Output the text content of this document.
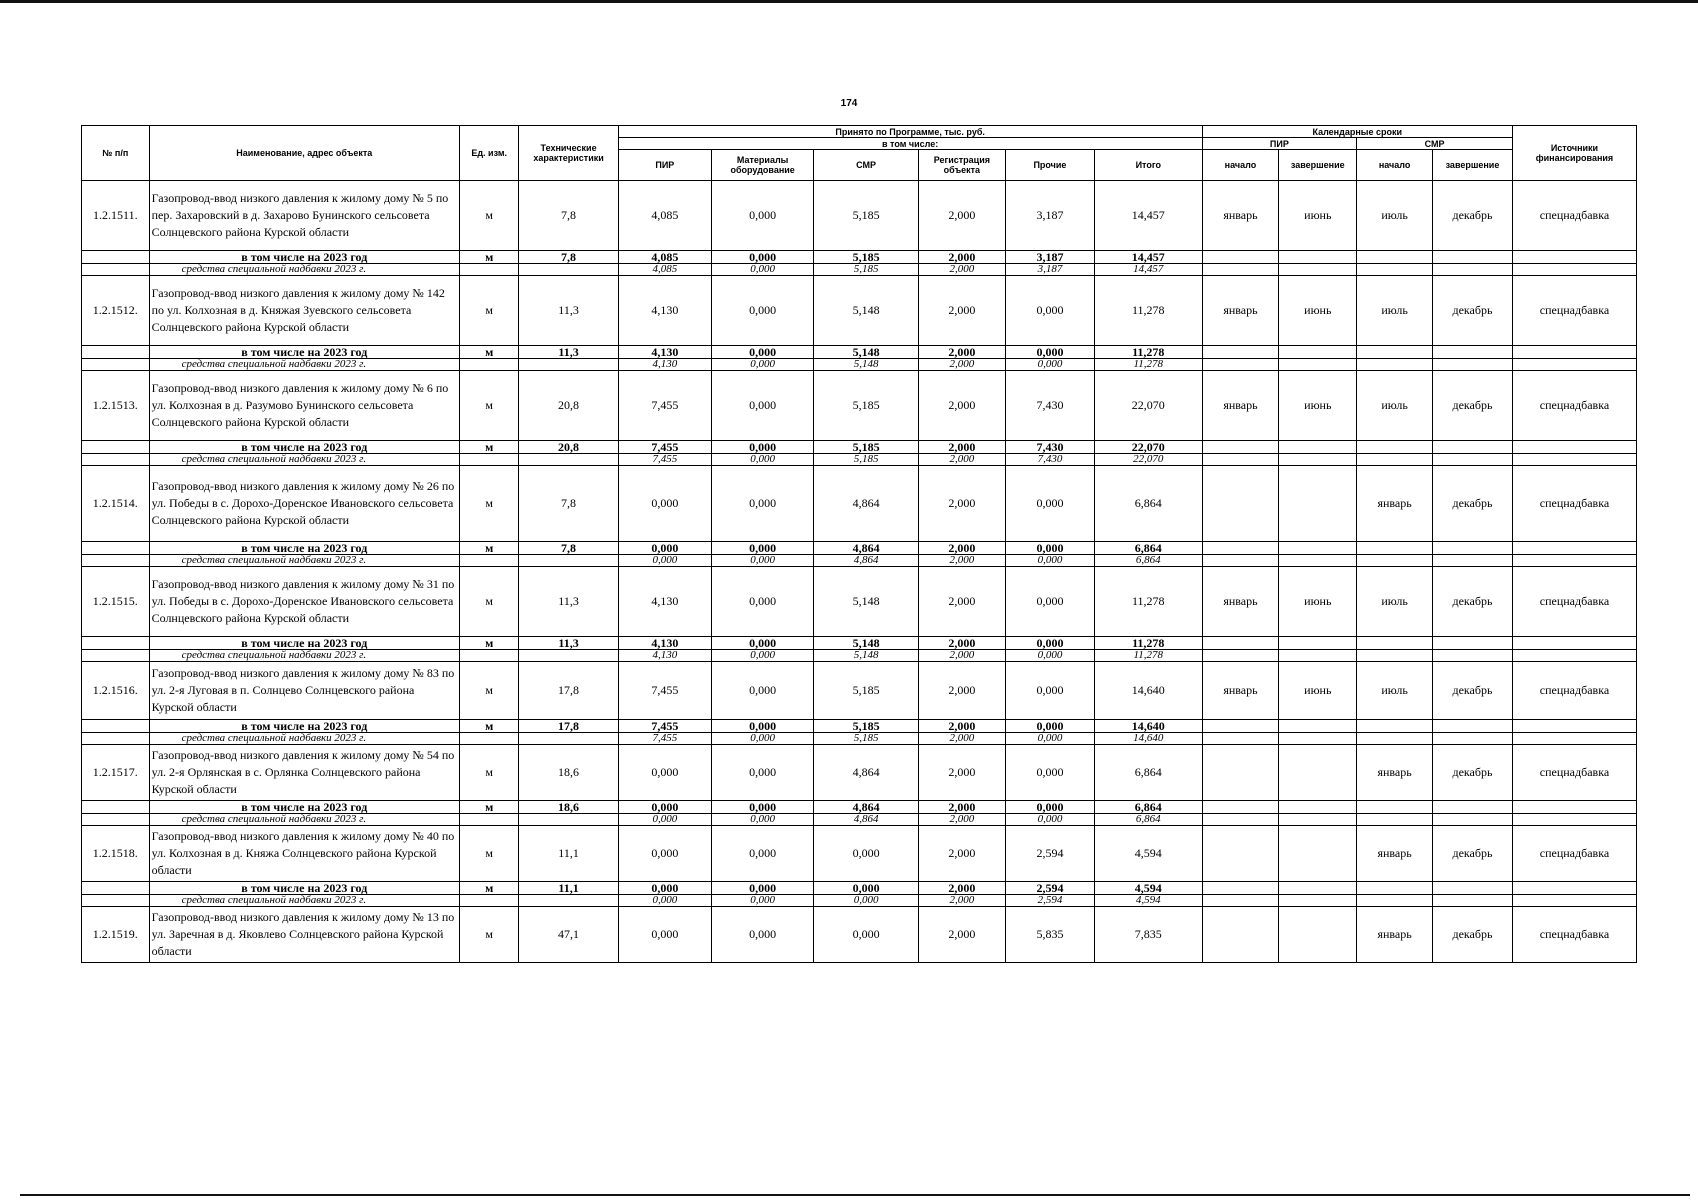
174
№ п/п	Наименование, адрес объекта	Ед. изм.	Технические характеристики	Принято по Программе, тыс. руб.						Календарные сроки				Источники финансирования
				в том числе:						ПИР		СМР		
				ПИР	Материалы оборудование	СМР	Регистрация объекта	Прочие	Итого	начало	завершение	начало	завершение	
1.2.1511.	Газопровод-ввод низкого давления к жилому дому № 5 по пер. Захаровский в д. Захарово Бунинского сельсовета Солнцевского района Курской области	м	7,8	4,085	0,000	5,185	2,000	3,187	14,457	январь	июнь	июль	декабрь	спецнадбавка
	в том числе на 2023 год	м	7,8	4,085	0,000	5,185	2,000	3,187	14,457					
	средства специальной надбавки 2023 г.			4,085	0,000	5,185	2,000	3,187	14,457					
1.2.1512.	Газопровод-ввод низкого давления к жилому дому № 142 по ул. Колхозная в д. Княжая Зуевского сельсовета Солнцевского района Курской области	м	11,3	4,130	0,000	5,148	2,000	0,000	11,278	январь	июнь	июль	декабрь	спецнадбавка
	в том числе на 2023 год	м	11,3	4,130	0,000	5,148	2,000	0,000	11,278					
	средства специальной надбавки 2023 г.			4,130	0,000	5,148	2,000	0,000	11,278					
1.2.1513.	Газопровод-ввод низкого давления к жилому дому № 6 по ул. Колхозная в д. Разумово Бунинского сельсовета Солнцевского района Курской области	м	20,8	7,455	0,000	5,185	2,000	7,430	22,070	январь	июнь	июль	декабрь	спецнадбавка
	в том числе на 2023 год	м	20,8	7,455	0,000	5,185	2,000	7,430	22,070					
	средства специальной надбавки 2023 г.			7,455	0,000	5,185	2,000	7,430	22,070					
1.2.1514.	Газопровод-ввод низкого давления к жилому дому № 26 по ул. Победы в с. Дорохо-Доренское Ивановского сельсовета Солнцевского района Курской области	м	7,8	0,000	0,000	4,864	2,000	0,000	6,864			январь	декабрь	спецнадбавка
	в том числе на 2023 год	м	7,8	0,000	0,000	4,864	2,000	0,000	6,864					
	средства специальной надбавки 2023 г.			0,000	0,000	4,864	2,000	0,000	6,864					
1.2.1515.	Газопровод-ввод низкого давления к жилому дому № 31 по ул. Победы в с. Дорохо-Доренское Ивановского сельсовета Солнцевского района Курской области	м	11,3	4,130	0,000	5,148	2,000	0,000	11,278	январь	июнь	июль	декабрь	спецнадбавка
	в том числе на 2023 год	м	11,3	4,130	0,000	5,148	2,000	0,000	11,278					
	средства специальной надбавки 2023 г.			4,130	0,000	5,148	2,000	0,000	11,278					
1.2.1516.	Газопровод-ввод низкого давления к жилому дому № 83 по ул. 2-я Луговая в п. Солнцево Солнцевского района Курской области	м	17,8	7,455	0,000	5,185	2,000	0,000	14,640	январь	июнь	июль	декабрь	спецнадбавка
	в том числе на 2023 год	м	17,8	7,455	0,000	5,185	2,000	0,000	14,640					
	средства специальной надбавки 2023 г.			7,455	0,000	5,185	2,000	0,000	14,640					
1.2.1517.	Газопровод-ввод низкого давления к жилому дому № 54 по ул. 2-я Орлянская в с. Орлянка Солнцевского района Курской области	м	18,6	0,000	0,000	4,864	2,000	0,000	6,864			январь	декабрь	спецнадбавка
	в том числе на 2023 год	м	18,6	0,000	0,000	4,864	2,000	0,000	6,864					
	средства специальной надбавки 2023 г.			0,000	0,000	4,864	2,000	0,000	6,864					
1.2.1518.	Газопровод-ввод низкого давления к жилому дому № 40 по ул. Колхозная в д. Княжа Солнцевского района Курской области	м	11,1	0,000	0,000	0,000	2,000	2,594	4,594			январь	декабрь	спецнадбавка
	в том числе на 2023 год	м	11,1	0,000	0,000	0,000	2,000	2,594	4,594					
	средства специальной надбавки 2023 г.			0,000	0,000	0,000	2,000	2,594	4,594					
1.2.1519.	Газопровод-ввод низкого давления к жилому дому № 13 по ул. Заречная в д. Яковлево Солнцевского района Курской области	м	47,1	0,000	0,000	0,000	2,000	5,835	7,835			январь	декабрь	спецнадбавка
